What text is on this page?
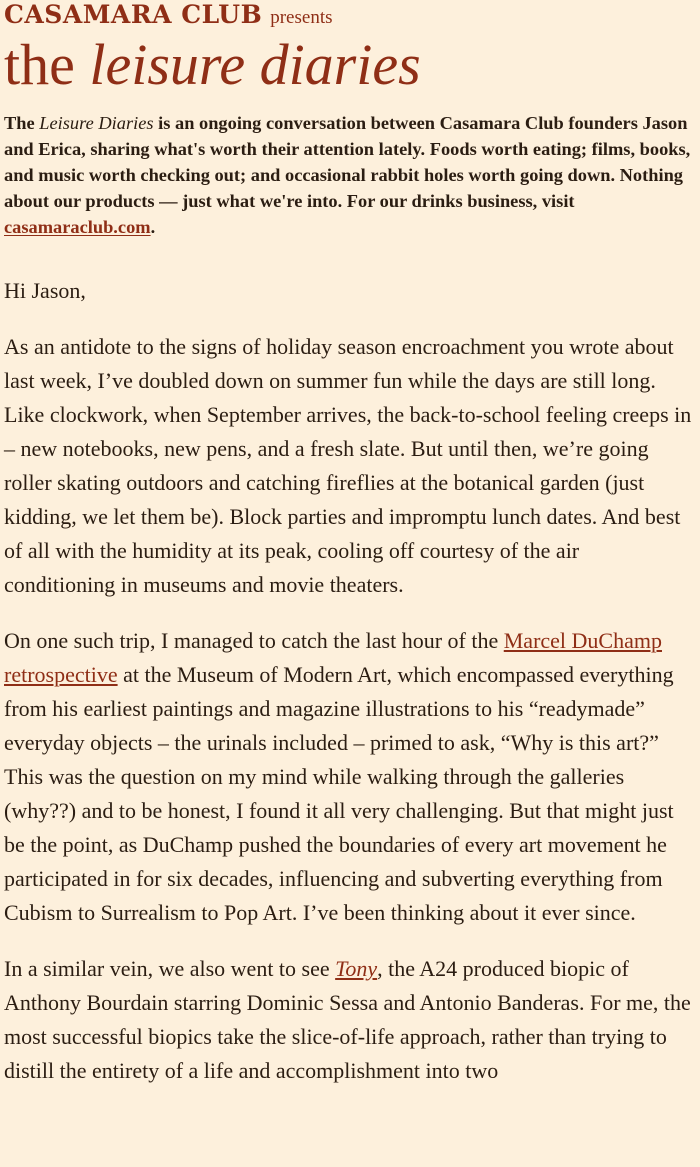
CASAMARA CLUB presents
the leisure diaries

The Leisure Diaries is an ongoing conversation between Casamara Club founders Jason and Erica, sharing what's worth their attention lately. Foods worth eating; films, books, and music worth checking out; and occasional rabbit holes worth going down. Nothing about our products — just what we're into. For our drinks business, visit casamaraclub.com.

Hi Jason,

As an antidote to the signs of holiday season encroachment you wrote about last week, I’ve doubled down on summer fun while the days are still long. Like clockwork, when September arrives, the back-to-school feeling creeps in – new notebooks, new pens, and a fresh slate. But until then, we’re going roller skating outdoors and catching fireflies at the botanical garden (just kidding, we let them be). Block parties and impromptu lunch dates. And best of all with the humidity at its peak, cooling off courtesy of the air conditioning in museums and movie theaters.

On one such trip, I managed to catch the last hour of the Marcel DuChamp retrospective at the Museum of Modern Art, which encompassed everything from his earliest paintings and magazine illustrations to his “readymade” everyday objects – the urinals included – primed to ask, “Why is this art?” This was the question on my mind while walking through the galleries (why??) and to be honest, I found it all very challenging. But that might just be the point, as DuChamp pushed the boundaries of every art movement he participated in for six decades, influencing and subverting everything from Cubism to Surrealism to Pop Art. I’ve been thinking about it ever since.

In a similar vein, we also went to see Tony, the A24 produced biopic of Anthony Bourdain starring Dominic Sessa and Antonio Banderas. For me, the most successful biopics take the slice-of-life approach, rather than trying to distill the entirety of a life and accomplishment into two
